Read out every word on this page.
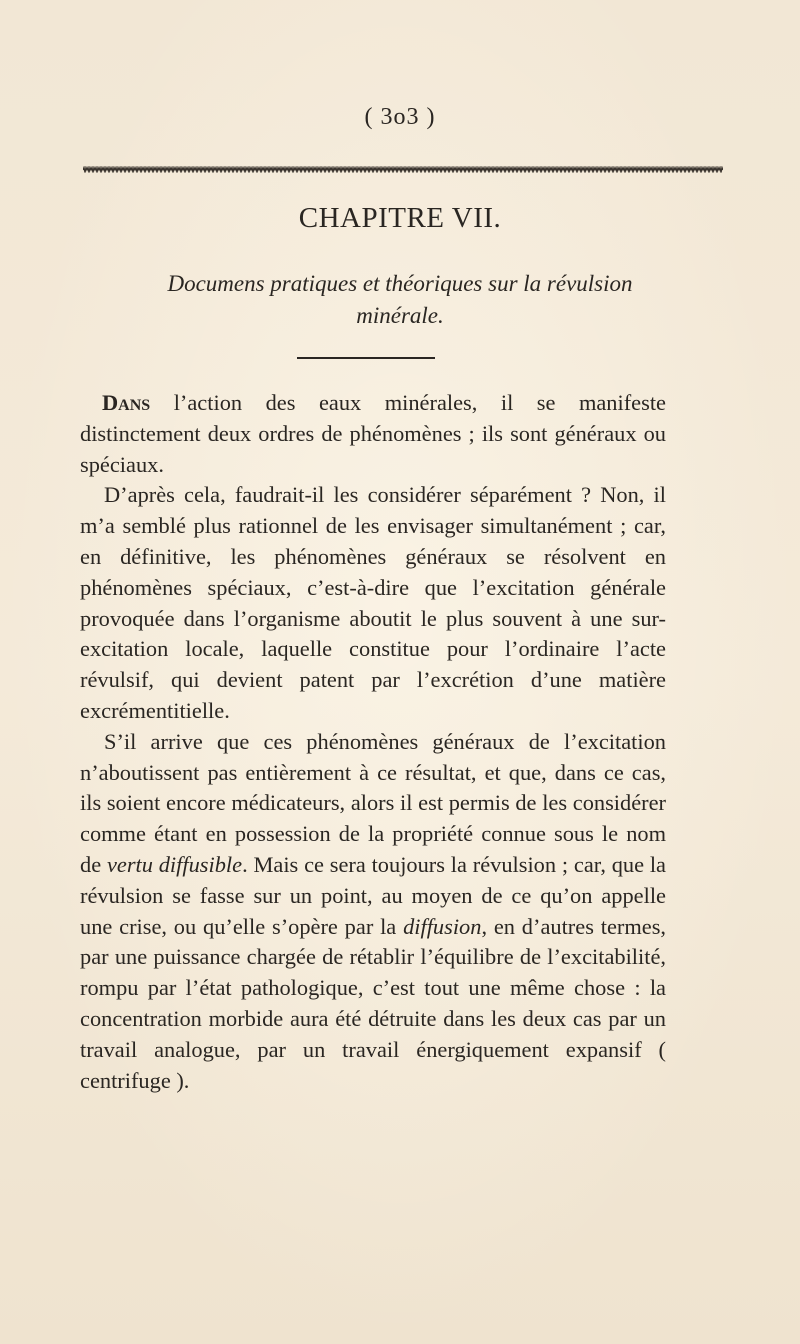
( 3o3 )
CHAPITRE VII.
Documens pratiques et théoriques sur la révulsion
minérale.

Dans l’action des eaux minérales, il se manifeste distinctement deux ordres de phénomènes ; ils sont généraux ou spéciaux.

D’après cela, faudrait-il les considérer séparément ? Non, il m’a semblé plus rationnel de les envisager simultanément ; car, en définitive, les phénomènes généraux se résolvent en phénomènes spéciaux, c’est-à-dire que l’excitation générale provoquée dans l’organisme aboutit le plus souvent à une sur-excitation locale, laquelle constitue pour l’ordinaire l’acte révulsif, qui devient patent par l’excrétion d’une matière excrémentitielle.

S’il arrive que ces phénomènes généraux de l’excitation n’aboutissent pas entièrement à ce résultat, et que, dans ce cas, ils soient encore médicateurs, alors il est permis de les considérer comme étant en possession de la propriété connue sous le nom de vertu diffusible. Mais ce sera toujours la révulsion ; car, que la révulsion se fasse sur un point, au moyen de ce qu’on appelle une crise, ou qu’elle s’opère par la diffusion, en d’autres termes, par une puissance chargée de rétablir l’équilibre de l’excitabilité, rompu par l’état pathologique, c’est tout une même chose : la concentration morbide aura été détruite dans les deux cas par un travail analogue, par un travail énergiquement expansif ( centrifuge ).
